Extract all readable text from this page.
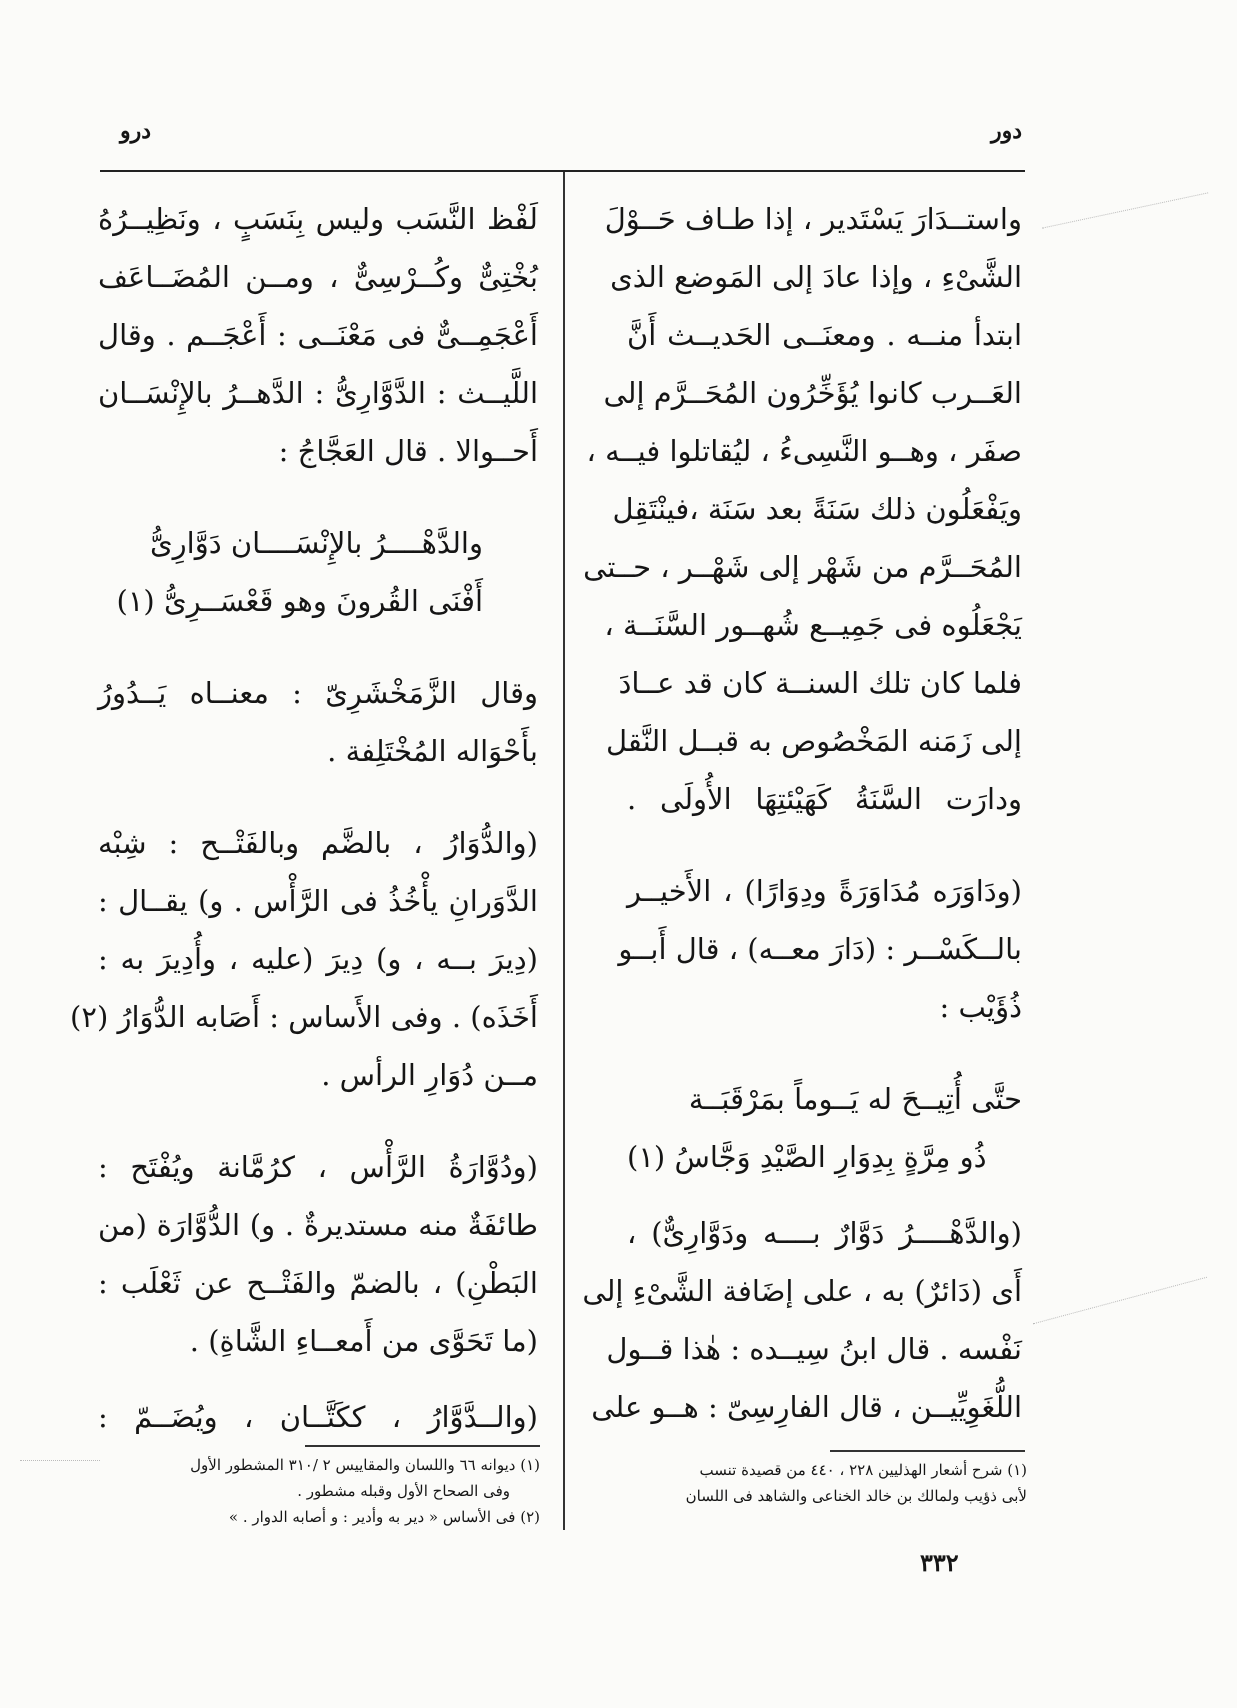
دور
درو
واستــدَارَ يَسْتَدير ، إذا طـاف حَــوْلَ
الشَّىْءِ ، وإذا عادَ إلى المَوضع الذى
ابتدأ منــه . ومعنَــى الحَديــث أَنَّ
العَــرب كانوا يُؤَخِّرُون المُحَــرَّم إلى
صفَر ، وهــو النَّسِىءُ ، ليُقاتلوا فيــه ،
ويَفْعَلُون ذلك سَنَةً بعد سَنَة ،فينْتَقِل
المُحَــرَّم من شَهْر إلى شَهْــر ، حــتى
يَجْعَلُوه فى جَمِيــع شُهــور السَّنَــة ،
فلما كان تلك السنــة كان قد عــادَ
إلى زَمَنه المَخْصُوص به قبــل النَّقل
ودارَت السَّنَةُ كَهَيْئتِهَا الأُولَى .
(ودَاوَرَه مُدَاوَرَةً ودِوَارًا) ، الأَخيــر
بالــكَسْــر : (دَارَ معــه) ، قال أَبــو
ذُؤَيْب :
حتَّى أُتِيــحَ له يَــوماً بمَرْقَبَــة
ذُو مِرَّةٍ بِدِوَارِ الصَّيْدِ وَجَّاسُ (١)
(والدَّهْــــرُ دَوَّارٌ بــــه ودَوَّارِىٌّ) ،
أَى (دَائرٌ) به ، على إضَافة الشَّىْءِ إلى
نَفْسه . قال ابنُ سِيــده : هٰذا قــول
اللُّغَوِيِّيــن ، قال الفارِسِىّ : هــو على
لَفْظ النَّسَب وليس بِنَسَبٍ ، ونَظِيــرُهُ
بُخْتِىٌّ وكُــرْسِىٌّ ، ومــن المُضَــاعَف
أَعْجَمِــىٌّ فى مَعْنَــى : أَعْجَــم . وقال
اللَّيــث : الدَّوَّارِىُّ : الدَّهــرُ بالإِنْسَــان
أَحــوالا . قال العَجَّاجُ :
والدَّهْــــرُ بالإِنْسَــــان دَوَّارِىُّ
أَفْنَى القُرونَ وهو قَعْسَــرِىُّ (١)
وقال الزَّمَخْشَرِىّ : معنــاه يَــدُورُ
بأَحْوَاله المُخْتَلِفة .
(والدُّوَارُ ، بالضَّم وبالفَتْــح : شِبْه
الدَّوَرانِ يأْخُذُ فى الرَّأْس . و) يقــال :
(دِيرَ بــه ، و) دِيرَ (عليه ، وأُدِيرَ به :
أَخَذَه) . وفى الأَساس : أَصَابه الدُّوَارُ (٢)
مــن دُوَارِ الرأس .
(ودُوَّارَةُ الرَّأْس ، كرُمَّانة ويُفْتَح :
طائفَةٌ منه مستديرةٌ . و) الدُّوَّارَة (من
البَطْنِ) ، بالضمّ والفَتْــح عن ثَعْلَب :
(ما تَحَوَّى من أَمعــاءِ الشَّاةِ) .
(والــدَّوَّارُ ، ككَتَّــان ، ويُضَــمّ :
(١) ديوانه ٦٦ واللسان والمقاييس ٢ /٣١٠ المشطور الأول
وفى الصحاح الأول وقبله مشطور .
(٢) فى الأساس « دير به وأدير : و أصابه الدوار . »
(١) شرح أشعار الهذليين ٢٢٨ ، ٤٤٠ من قصيدة تنسب
لأبى ذؤيب ولمالك بن خالد الخناعى والشاهد فى اللسان
٣٣٢
